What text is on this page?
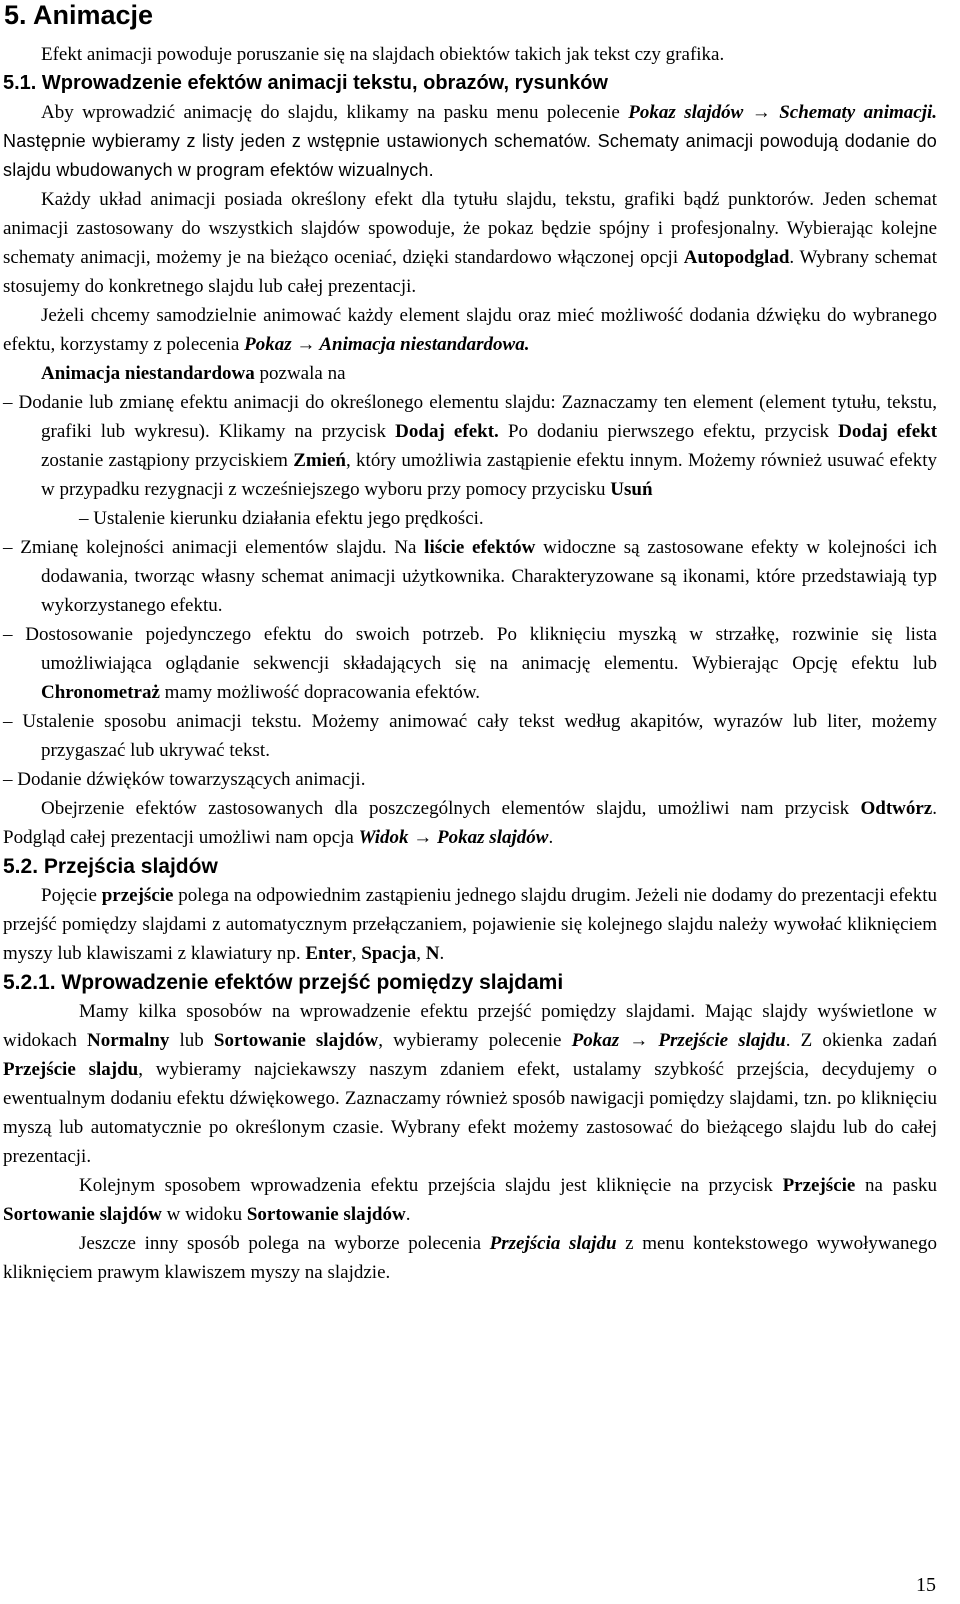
5. Animacje

Efekt animacji powoduje poruszanie się na slajdach obiektów takich jak tekst czy grafika.

5.1. Wprowadzenie efektów animacji tekstu, obrazów, rysunków

Aby wprowadzić animację do slajdu, klikamy na pasku menu polecenie Pokaz slajdów → Schematy animacji. Następnie wybieramy z listy jeden z wstępnie ustawionych schematów. Schematy animacji powodują dodanie do slajdu wbudowanych w program efektów wizualnych.

Każdy układ animacji posiada określony efekt dla tytułu slajdu, tekstu, grafiki bądź punktorów. Jeden schemat animacji zastosowany do wszystkich slajdów spowoduje, że pokaz będzie spójny i profesjonalny. Wybierając kolejne schematy animacji, możemy je na bieżąco oceniać, dzięki standardowo włączonej opcji Autopodglad. Wybrany schemat stosujemy do konkretnego slajdu lub całej prezentacji.

Jeżeli chcemy samodzielnie animować każdy element slajdu oraz mieć możliwość dodania dźwięku do wybranego efektu, korzystamy z polecenia Pokaz → Animacja niestandardowa.

Animacja niestandardowa pozwala na

– Dodanie lub zmianę efektu animacji do określonego elementu slajdu: Zaznaczamy ten element (element tytułu, tekstu, grafiki lub wykresu). Klikamy na przycisk Dodaj efekt. Po dodaniu pierwszego efektu, przycisk Dodaj efekt zostanie zastąpiony przyciskiem Zmień, który umożliwia zastąpienie efektu innym. Możemy również usuwać efekty w przypadku rezygnacji z wcześniejszego wyboru przy pomocy przycisku Usuń

– Ustalenie kierunku działania efektu jego prędkości.

– Zmianę kolejności animacji elementów slajdu. Na liście efektów widoczne są zastosowane efekty w kolejności ich dodawania, tworząc własny schemat animacji użytkownika. Charakteryzowane są ikonami, które przedstawiają typ wykorzystanego efektu.

– Dostosowanie pojedynczego efektu do swoich potrzeb. Po kliknięciu myszką w strzałkę, rozwinie się lista umożliwiająca oglądanie sekwencji składających się na animację elementu. Wybierając Opcję efektu lub Chronometraż mamy możliwość dopracowania efektów.

– Ustalenie sposobu animacji tekstu. Możemy animować cały tekst według akapitów, wyrazów lub liter, możemy przygaszać lub ukrywać tekst.

– Dodanie dźwięków towarzyszących animacji.

Obejrzenie efektów zastosowanych dla poszczególnych elementów slajdu, umożliwi nam przycisk Odtwórz. Podgląd całej prezentacji umożliwi nam opcja Widok → Pokaz slajdów.

5.2. Przejścia slajdów

Pojęcie przejście polega na odpowiednim zastąpieniu jednego slajdu drugim. Jeżeli nie dodamy do prezentacji efektu przejść pomiędzy slajdami z automatycznym przełączaniem, pojawienie się kolejnego slajdu należy wywołać kliknięciem myszy lub klawiszami z klawiatury np. Enter, Spacja, N.

5.2.1. Wprowadzenie efektów przejść pomiędzy slajdami

Mamy kilka sposobów na wprowadzenie efektu przejść pomiędzy slajdami. Mając slajdy wyświetlone w widokach Normalny lub Sortowanie slajdów, wybieramy polecenie Pokaz → Przejście slajdu. Z okienka zadań Przejście slajdu, wybieramy najciekawszy naszym zdaniem efekt, ustalamy szybkość przejścia, decydujemy o ewentualnym dodaniu efektu dźwiękowego. Zaznaczamy również sposób nawigacji pomiędzy slajdami, tzn. po kliknięciu myszą lub automatycznie po określonym czasie. Wybrany efekt możemy zastosować do bieżącego slajdu lub do całej prezentacji.

Kolejnym sposobem wprowadzenia efektu przejścia slajdu jest kliknięcie na przycisk Przejście na pasku Sortowanie slajdów w widoku Sortowanie slajdów.

Jeszcze inny sposób polega na wyborze polecenia Przejścia slajdu z menu kontekstowego wywoływanego kliknięciem prawym klawiszem myszy na slajdzie.

15
